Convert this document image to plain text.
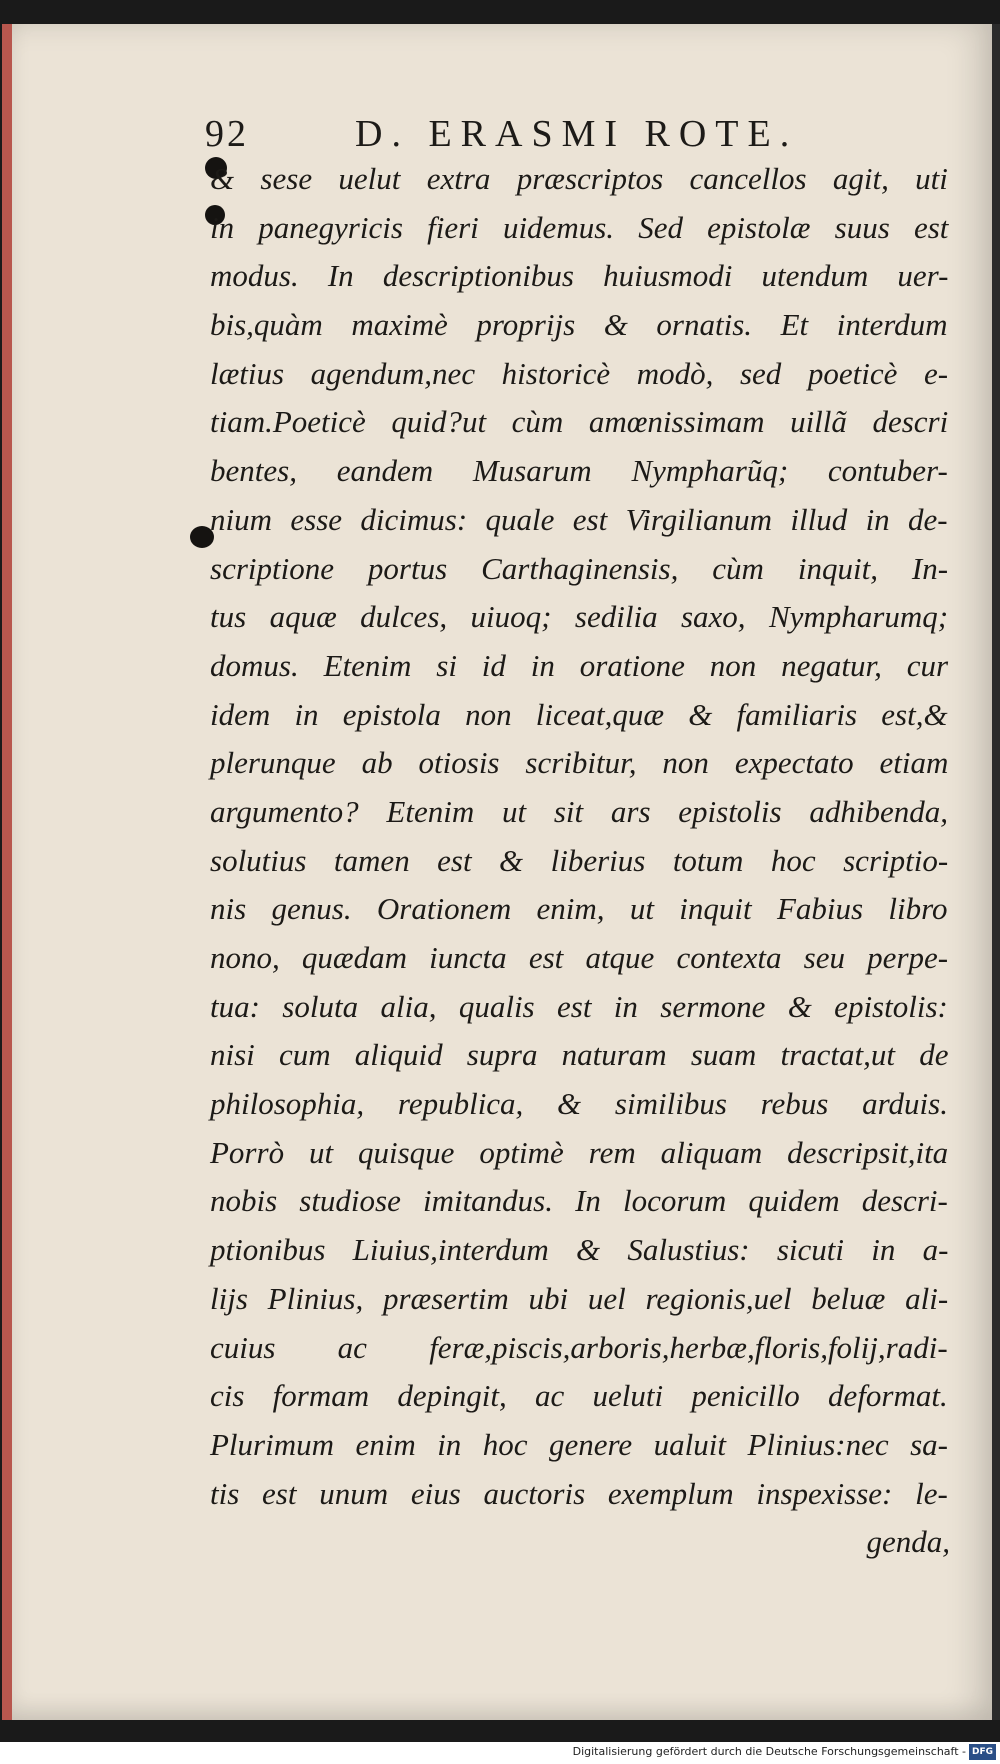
92	D. ERASMI ROTE.
& sese uelut extra præscriptos cancellos agit, uti
in panegyricis fieri uidemus. Sed epistolæ suus est
modus. In descriptionibus huiusmodi utendum uer-
bis,quàm maximè proprijs & ornatis. Et interdum
lætius agendum,nec historicè modò, sed poeticè e-
tiam.Poeticè quid?ut cùm amœnissimam uillã descri
bentes, eandem Musarum Nympharũq; contuber-
nium esse dicimus: quale est Virgilianum illud in de-
scriptione portus Carthaginensis, cùm inquit, In-
tus aquæ dulces, uiuoq; sedilia saxo, Nympharumq;
domus. Etenim si id in oratione non negatur, cur
idem in epistola non liceat,quæ & familiaris est,&
plerunque ab otiosis scribitur, non expectato etiam
argumento? Etenim ut sit ars epistolis adhibenda,
solutius tamen est & liberius totum hoc scriptio-
nis genus. Orationem enim, ut inquit Fabius libro
nono, quædam iuncta est atque contexta seu perpe-
tua: soluta alia, qualis est in sermone & epistolis:
nisi cum aliquid supra naturam suam tractat,ut de
philosophia, republica, & similibus rebus arduis.
Porrò ut quisque optimè rem aliquam descripsit,ita
nobis studiose imitandus. In locorum quidem descri-
ptionibus Liuius,interdum & Salustius: sicuti in a-
lijs Plinius, præsertim ubi uel regionis,uel beluæ ali-
cuius ac feræ,piscis,arboris,herbæ,floris,folij,radi-
cis formam depingit, ac ueluti penicillo deformat.
Plurimum enim in hoc genere ualuit Plinius:nec sa-
tis est unum eius auctoris exemplum inspexisse: le-
genda,
Digitalisierung gefördert durch die Deutsche Forschungsgemeinschaft - DFG
